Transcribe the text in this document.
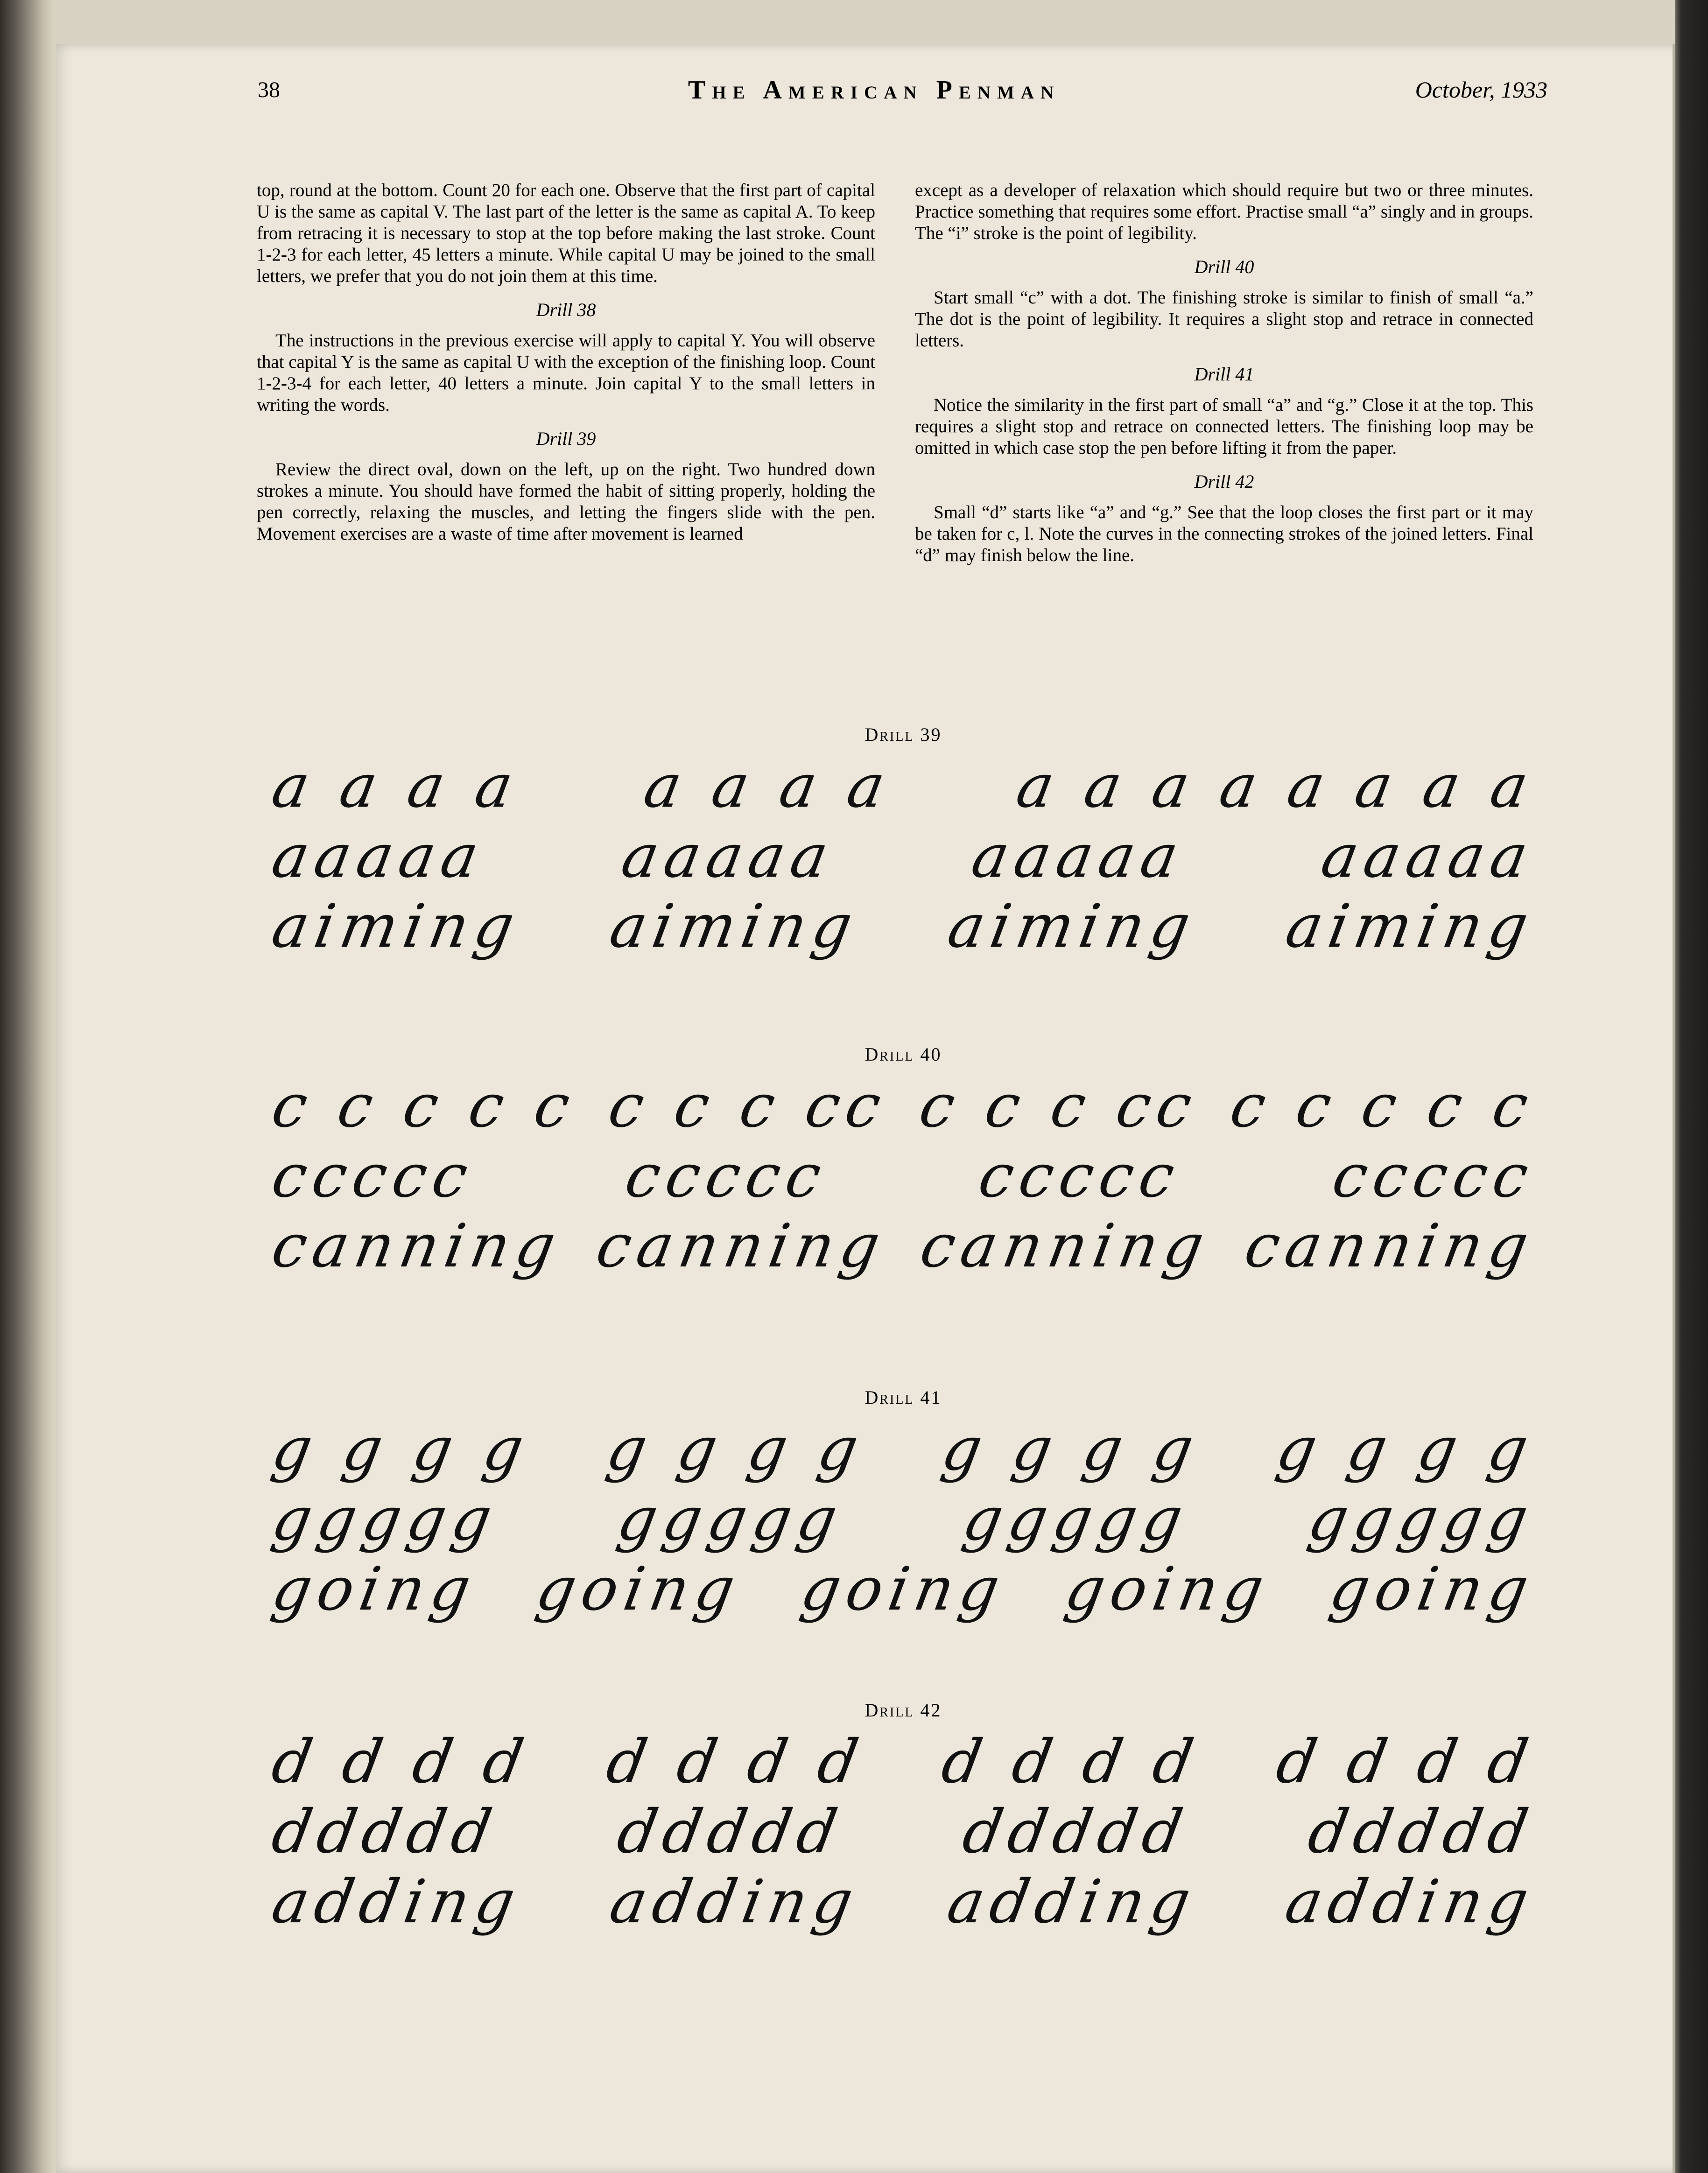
38	The American Penman	October, 1933

top, round at the bottom. Count 20 for each one. Observe that the first part of capital U is the same as capital V. The last part of the letter is the same as capital A. To keep from retracing it is necessary to stop at the top before making the last stroke. Count 1-2-3 for each letter, 45 letters a minute. While capital U may be joined to the small letters, we prefer that you do not join them at this time.

Drill 38

The instructions in the previous exercise will apply to capital Y. You will observe that capital Y is the same as capital U with the exception of the finishing loop. Count 1-2-3-4 for each letter, 40 letters a minute. Join capital Y to the small letters in writing the words.

Drill 39

Review the direct oval, down on the left, up on the right. Two hundred down strokes a minute. You should have formed the habit of sitting properly, holding the pen correctly, relaxing the muscles, and letting the fingers slide with the pen. Movement exercises are a waste of time after movement is learned

except as a developer of relaxation which should require but two or three minutes. Practice something that requires some effort. Practise small “a” singly and in groups. The “i” stroke is the point of legibility.

Drill 40

Start small “c” with a dot. The finishing stroke is similar to finish of small “a.” The dot is the point of legibility. It requires a slight stop and retrace in connected letters.

Drill 41

Notice the similarity in the first part of small “a” and “g.” Close it at the top. This requires a slight stop and retrace on connected letters. The finishing loop may be omitted in which case stop the pen before lifting it from the paper.

Drill 42

Small “d” starts like “a” and “g.” See that the loop closes the first part or it may be taken for c, l. Note the curves in the connecting strokes of the joined letters. Final “d” may finish below the line.

Drill 39
a a a a a a a a a a a a a a a a
aaaaa aaaaa aaaaa aaaaa
aiming aiming aiming aiming
Drill 40
c c c c c c c c cc c c c cc c c c c c
ccccc ccccc ccccc ccccc
canning canning canning canning
Drill 41
g g g g g g g g g g g g g g g g
ggggg ggggg ggggg ggggg
going going going going going
Drill 42
d d d d d d d d d d d d d d d d
ddddd ddddd ddddd ddddd
adding adding adding adding
